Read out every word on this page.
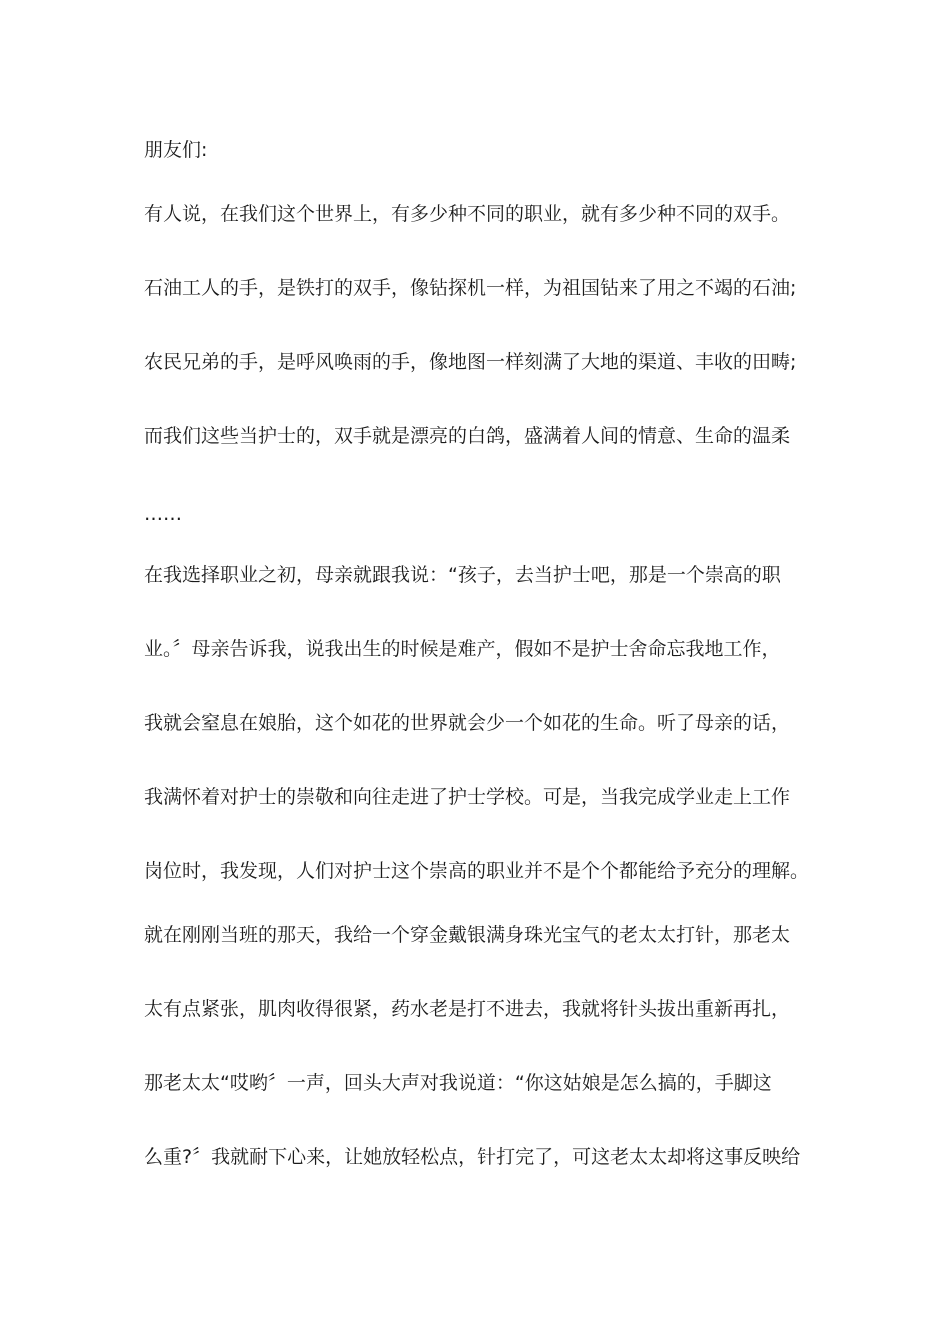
朋友们:
有人说，在我们这个世界上，有多少种不同的职业，就有多少种不同的双手。
石油工人的手，是铁打的双手，像钻探机一样，为祖国钻来了用之不竭的石油;
农民兄弟的手，是呼风唤雨的手，像地图一样刻满了大地的渠道、丰收的田畴;
而我们这些当护士的，双手就是漂亮的白鸽，盛满着人间的情意、生命的温柔
……
在我选择职业之初，母亲就跟我说：“孩子，去当护士吧，那是一个崇高的职
业。〞母亲告诉我，说我出生的时候是难产，假如不是护士舍命忘我地工作，
我就会窒息在娘胎，这个如花的世界就会少一个如花的生命。听了母亲的话，
我满怀着对护士的崇敬和向往走进了护士学校。可是，当我完成学业走上工作
岗位时，我发现，人们对护士这个崇高的职业并不是个个都能给予充分的理解。
就在刚刚当班的那天，我给一个穿金戴银满身珠光宝气的老太太打针，那老太
太有点紧张，肌肉收得很紧，药水老是打不进去，我就将针头拔出重新再扎，
那老太太“哎哟〞一声，回头大声对我说道：“你这姑娘是怎么搞的，手脚这
么重?〞我就耐下心来，让她放轻松点，针打完了，可这老太太却将这事反映给
